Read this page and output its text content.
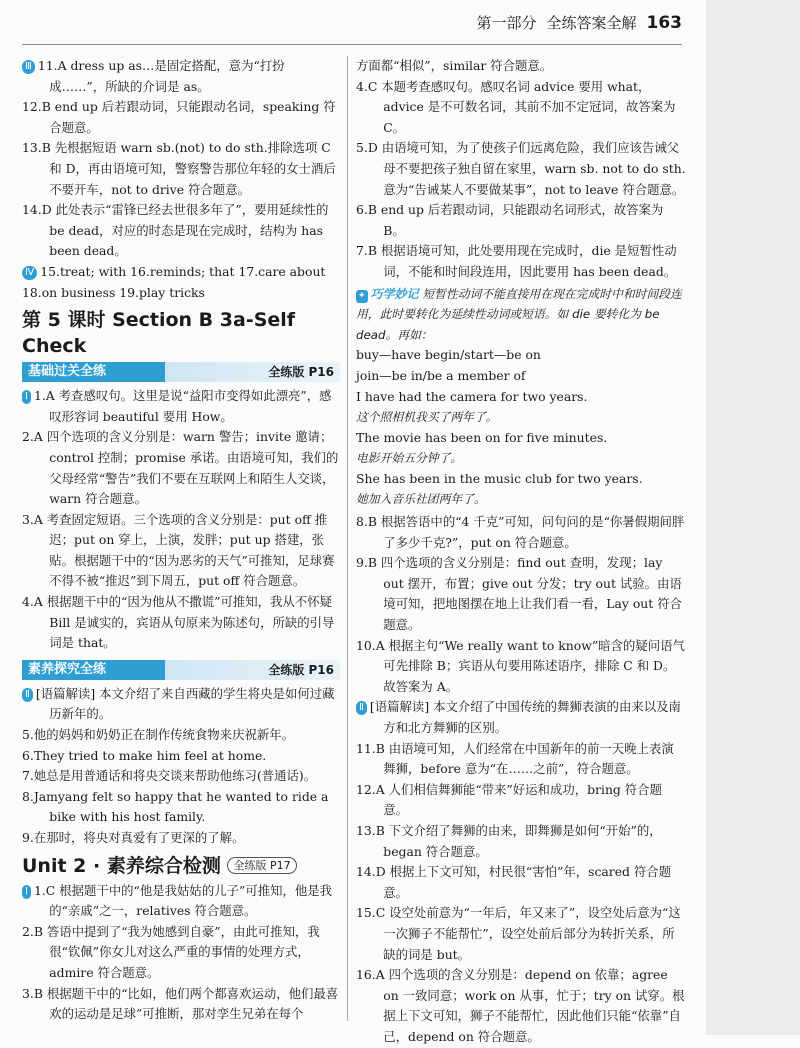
第一部分 全练答案全解 163

Ⅲ 11.A dress up as…是固定搭配，意为“打扮成……”，所缺的介词是 as。

12.B end up 后若跟动词，只能跟动名词，speaking 符合题意。

13.B 先根据短语 warn sb.(not) to do sth.排除选项 C 和 D，再由语境可知，警察警告那位年轻的女士酒后不要开车，not to drive 符合题意。

14.D 此处表示“雷锋已经去世很多年了”，要用延续性的 be dead，对应的时态是现在完成时，结构为 has been dead。

Ⅳ 15.treat; with 16.reminds; that 17.care about

18.on business 19.play tricks

第 5 课时 Section B 3a-Self Check
基础过关全练	全练版 P16

Ⅰ 1.A 考查感叹句。这里是说“益阳市变得如此漂亮”，感叹形容词 beautiful 要用 How。

2.A 四个选项的含义分别是：warn 警告；invite 邀请；control 控制；promise 承诺。由语境可知，我们的父母经常“警告”我们不要在互联网上和陌生人交谈，warn 符合题意。

3.A 考查固定短语。三个选项的含义分别是：put off 推迟；put on 穿上，上演，发胖；put up 搭建，张贴。根据题干中的“因为恶劣的天气”可推知，足球赛不得不被“推迟”到下周五，put off 符合题意。

4.A 根据题干中的“因为他从不撒谎”可推知，我从不怀疑 Bill 是诚实的，宾语从句原来为陈述句，所缺的引导词是 that。

素养探究全练	全练版 P16

Ⅱ [语篇解读] 本文介绍了来自西藏的学生将央是如何过藏历新年的。

5.他的妈妈和奶奶正在制作传统食物来庆祝新年。

6.They tried to make him feel at home.

7.她总是用普通话和将央交谈来帮助他练习(普通话)。

8.Jamyang felt so happy that he wanted to ride a bike with his host family.

9.在那时，将央对真爱有了更深的了解。

Unit 2 · 素养综合检测 全练版 P17

Ⅰ 1.C 根据题干中的“他是我姑姑的儿子”可推知，他是我的“亲戚”之一，relatives 符合题意。

2.B 答语中提到了“我为她感到自豪”，由此可推知，我很“钦佩”你女儿对这么严重的事情的处理方式，admire 符合题意。

3.B 根据题干中的“比如，他们两个都喜欢运动，他们最喜欢的运动是足球”可推断，那对孪生兄弟在每个

方面都“相似”，similar 符合题意。

4.C 本题考查感叹句。感叹名词 advice 要用 what，advice 是不可数名词，其前不加不定冠词，故答案为 C。

5.D 由语境可知，为了使孩子们远离危险，我们应该告诫父母不要把孩子独自留在家里，warn sb. not to do sth.意为“告诫某人不要做某事”，not to leave 符合题意。

6.B end up 后若跟动词，只能跟动名词形式，故答案为 B。

7.B 根据语境可知，此处要用现在完成时，die 是短暂性动词，不能和时间段连用，因此要用 has been dead。

✦ 巧学妙记 短暂性动词不能直接用在现在完成时中和时间段连用，此时要转化为延续性动词或短语。如 die 要转化为 be dead。再如：

buy—have begin/start—be on

join—be in/be a member of

I have had the camera for two years.

这个照相机我买了两年了。

The movie has been on for five minutes.

电影开始五分钟了。

She has been in the music club for two years.

她加入音乐社团两年了。

8.B 根据答语中的“4 千克”可知，问句问的是“你暑假期间胖了多少千克?”，put on 符合题意。

9.B 四个选项的含义分别是：find out 查明，发现；lay out 摆开，布置；give out 分发；try out 试验。由语境可知，把地图摆在地上让我们看一看，Lay out 符合题意。

10.A 根据主句“We really want to know”暗含的疑问语气可先排除 B；宾语从句要用陈述语序，排除 C 和 D。故答案为 A。

Ⅱ [语篇解读] 本文介绍了中国传统的舞狮表演的由来以及南方和北方舞狮的区别。

11.B 由语境可知，人们经常在中国新年的前一天晚上表演舞狮，before 意为“在……之前”，符合题意。

12.A 人们相信舞狮能“带来”好运和成功，bring 符合题意。

13.B 下文介绍了舞狮的由来，即舞狮是如何“开始”的，began 符合题意。

14.D 根据上下文可知，村民很“害怕”年，scared 符合题意。

15.C 设空处前意为“一年后，年又来了”，设空处后意为“这一次狮子不能帮忙”，设空处前后部分为转折关系，所缺的词是 but。

16.A 四个选项的含义分别是：depend on 依靠；agree on 一致同意；work on 从事，忙于；try on 试穿。根据上下文可知，狮子不能帮忙，因此他们只能“依靠”自己，depend on 符合题意。
